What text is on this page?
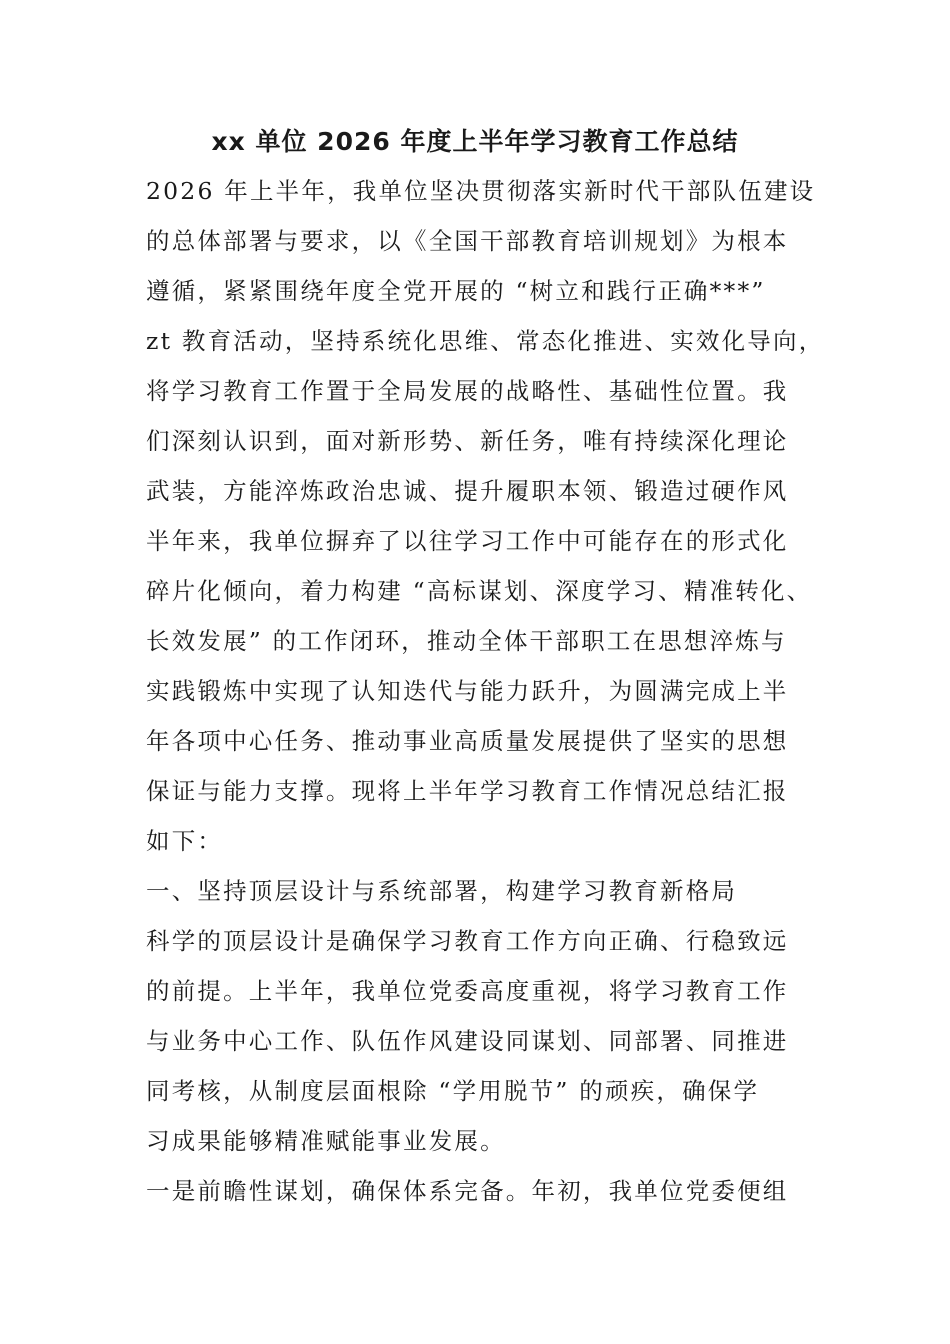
xx 单位 2026 年度上半年学习教育工作总结
2026 年上半年，我单位坚决贯彻落实新时代干部队伍建设
的总体部署与要求，以《全国干部教育培训规划》为根本
遵循，紧紧围绕年度全党开展的 “树立和践行正确***”
zt 教育活动，坚持系统化思维、常态化推进、实效化导向，
将学习教育工作置于全局发展的战略性、基础性位置。我
们深刻认识到，面对新形势、新任务，唯有持续深化理论
武装，方能淬炼政治忠诚、提升履职本领、锻造过硬作风
半年来，我单位摒弃了以往学习工作中可能存在的形式化
碎片化倾向，着力构建 “高标谋划、深度学习、精准转化、
长效发展” 的工作闭环，推动全体干部职工在思想淬炼与
实践锻炼中实现了认知迭代与能力跃升，为圆满完成上半
年各项中心任务、推动事业高质量发展提供了坚实的思想
保证与能力支撑。现将上半年学习教育工作情况总结汇报
如下：
一、坚持顶层设计与系统部署，构建学习教育新格局
科学的顶层设计是确保学习教育工作方向正确、行稳致远
的前提。上半年，我单位党委高度重视，将学习教育工作
与业务中心工作、队伍作风建设同谋划、同部署、同推进
同考核，从制度层面根除 “学用脱节” 的顽疾，确保学
习成果能够精准赋能事业发展。
一是前瞻性谋划，确保体系完备。年初，我单位党委便组
